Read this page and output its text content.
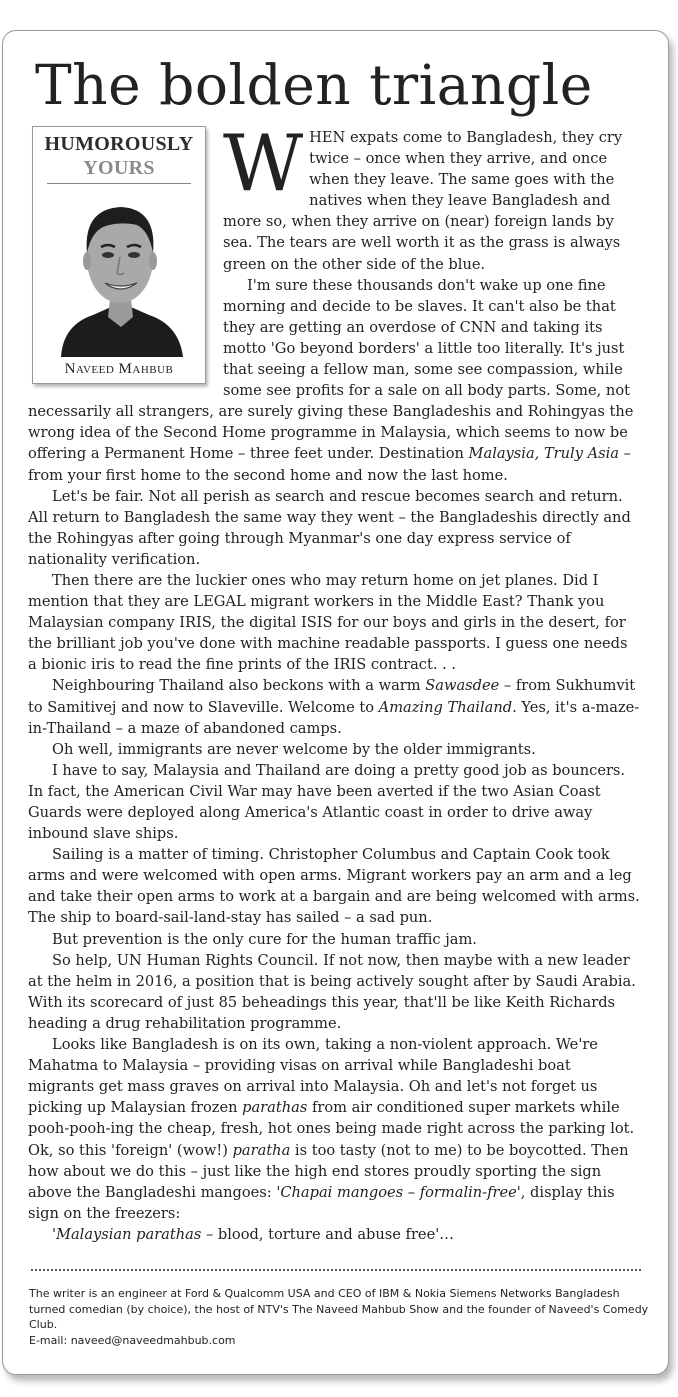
The bolden triangle

WHEN expats come to Bangladesh, they cry twice – once when they arrive, and once when they leave. The same goes with the natives when they leave Bangladesh and more so, when they arrive on (near) foreign lands by sea. The tears are well worth it as the grass is always green on the other side of the blue.

I'm sure these thousands don't wake up one fine morning and decide to be slaves. It can't also be that they are getting an overdose of CNN and taking its motto 'Go beyond borders' a little too literally. It's just that seeing a fellow man, some see compassion, while some see profits for a sale on all body parts. Some, not necessarily all strangers, are surely giving these Bangladeshis and Rohingyas the wrong idea of the Second Home programme in Malaysia, which seems to now be offering a Permanent Home – three feet under. Destination Malaysia, Truly Asia – from your first home to the second home and now the last home.

Let's be fair. Not all perish as search and rescue becomes search and return. All return to Bangladesh the same way they went – the Bangladeshis directly and the Rohingyas after going through Myanmar's one day express service of nationality verification.

Then there are the luckier ones who may return home on jet planes. Did I mention that they are LEGAL migrant workers in the Middle East? Thank you Malaysian company IRIS, the digital ISIS for our boys and girls in the desert, for the brilliant job you've done with machine readable passports. I guess one needs a bionic iris to read the fine prints of the IRIS contract. . .

Neighbouring Thailand also beckons with a warm Sawasdee – from Sukhumvit to Samitivej and now to Slaveville. Welcome to Amazing Thailand. Yes, it's a-maze-in-Thailand – a maze of abandoned camps.

Oh well, immigrants are never welcome by the older immigrants.

I have to say, Malaysia and Thailand are doing a pretty good job as bouncers. In fact, the American Civil War may have been averted if the two Asian Coast Guards were deployed along America's Atlantic coast in order to drive away inbound slave ships.

Sailing is a matter of timing. Christopher Columbus and Captain Cook took arms and were welcomed with open arms. Migrant workers pay an arm and a leg and take their open arms to work at a bargain and are being welcomed with arms. The ship to board-sail-land-stay has sailed – a sad pun.

But prevention is the only cure for the human traffic jam.

So help, UN Human Rights Council. If not now, then maybe with a new leader at the helm in 2016, a position that is being actively sought after by Saudi Arabia. With its scorecard of just 85 beheadings this year, that'll be like Keith Richards heading a drug rehabilitation programme.

Looks like Bangladesh is on its own, taking a non-violent approach. We're Mahatma to Malaysia – providing visas on arrival while Bangladeshi boat migrants get mass graves on arrival into Malaysia. Oh and let's not forget us picking up Malaysian frozen parathas from air conditioned super markets while pooh-pooh-ing the cheap, fresh, hot ones being made right across the parking lot. Ok, so this 'foreign' (wow!) paratha is too tasty (not to me) to be boycotted. Then how about we do this – just like the high end stores proudly sporting the sign above the Bangladeshi mangoes: 'Chapai mangoes – formalin-free', display this sign on the freezers:

'Malaysian parathas – blood, torture and abuse free'…

HUMOROUSLY
YOURS
Naveed Mahbub
The writer is an engineer at Ford & Qualcomm USA and CEO of IBM & Nokia Siemens Networks Bangladesh turned comedian (by choice), the host of NTV's The Naveed Mahbub Show and the founder of Naveed's Comedy Club.
E-mail: naveed@naveedmahbub.com
